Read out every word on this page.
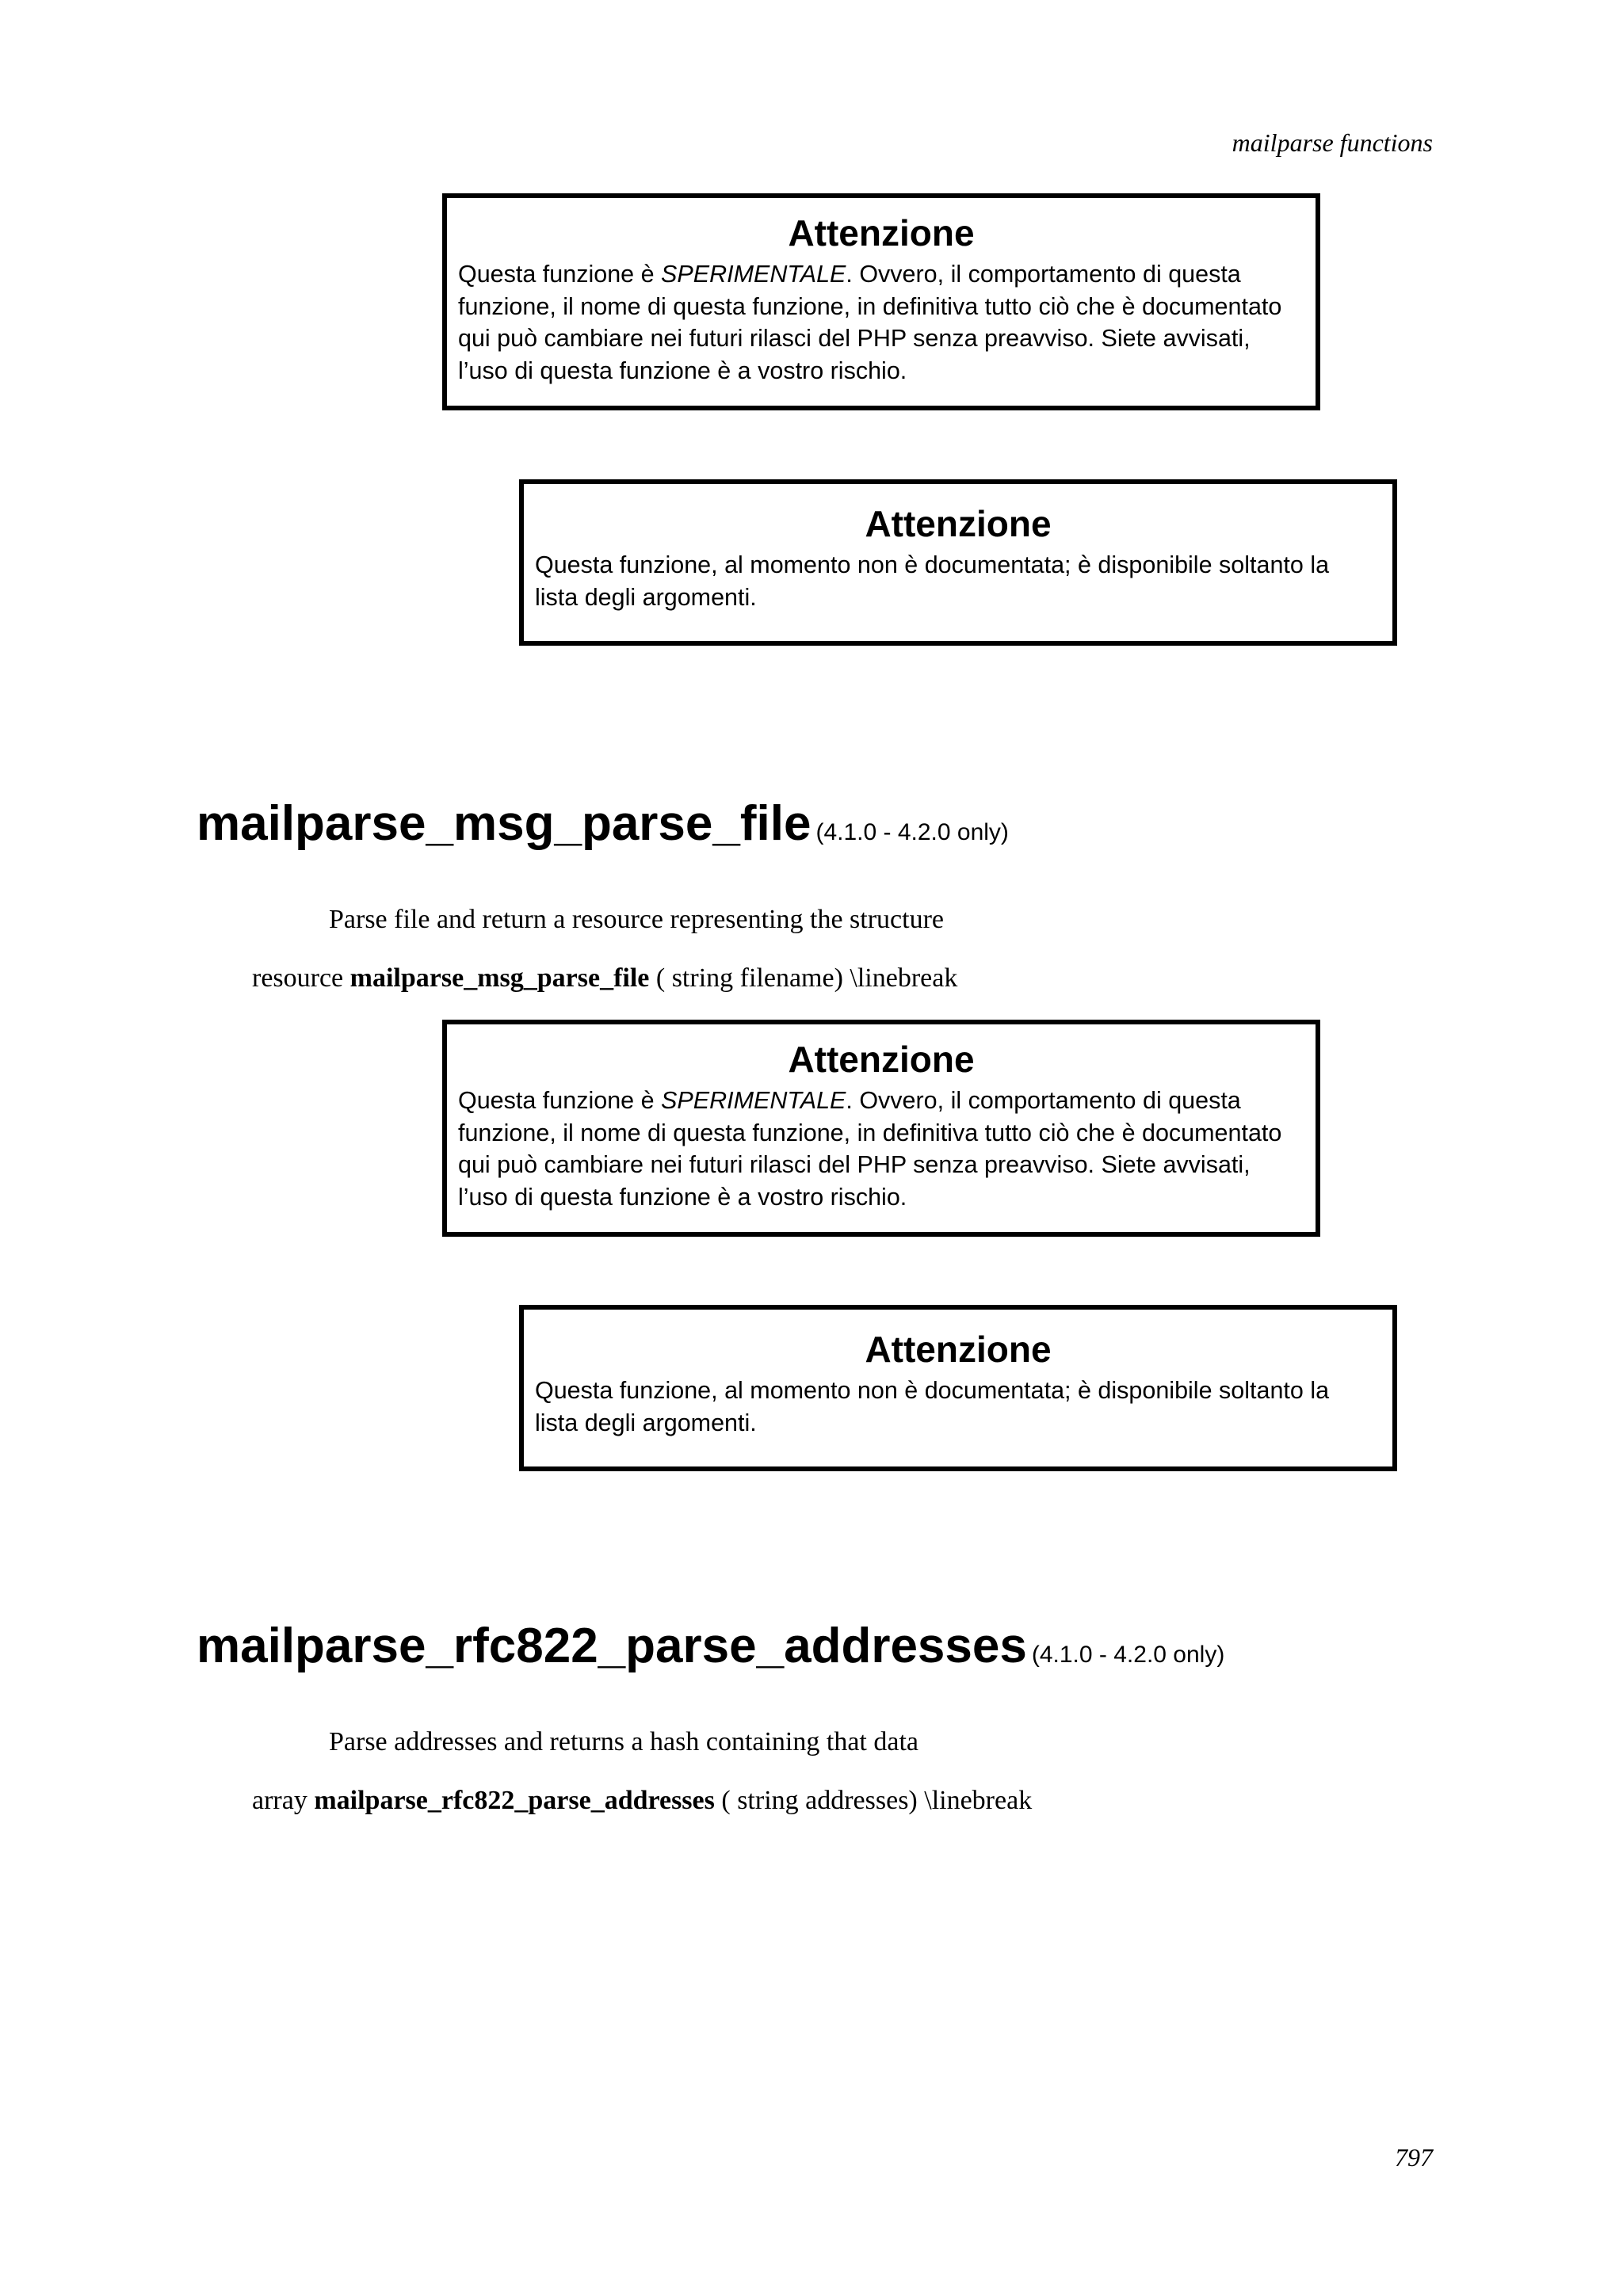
mailparse functions
Attenzione
Questa funzione è SPERIMENTALE. Ovvero, il comportamento di questa
funzione, il nome di questa funzione, in definitiva tutto ciò che è documentato
qui può cambiare nei futuri rilasci del PHP senza preavviso. Siete avvisati,
l’uso di questa funzione è a vostro rischio.
Attenzione
Questa funzione, al momento non è documentata; è disponibile soltanto la
lista degli argomenti.
mailparse_msg_parse_file (4.1.0 - 4.2.0 only)
Parse file and return a resource representing the structure
resource mailparse_msg_parse_file ( string filename) \linebreak
Attenzione
Questa funzione è SPERIMENTALE. Ovvero, il comportamento di questa
funzione, il nome di questa funzione, in definitiva tutto ciò che è documentato
qui può cambiare nei futuri rilasci del PHP senza preavviso. Siete avvisati,
l’uso di questa funzione è a vostro rischio.
Attenzione
Questa funzione, al momento non è documentata; è disponibile soltanto la
lista degli argomenti.
mailparse_rfc822_parse_addresses (4.1.0 - 4.2.0 only)
Parse addresses and returns a hash containing that data
array mailparse_rfc822_parse_addresses ( string addresses) \linebreak
797
